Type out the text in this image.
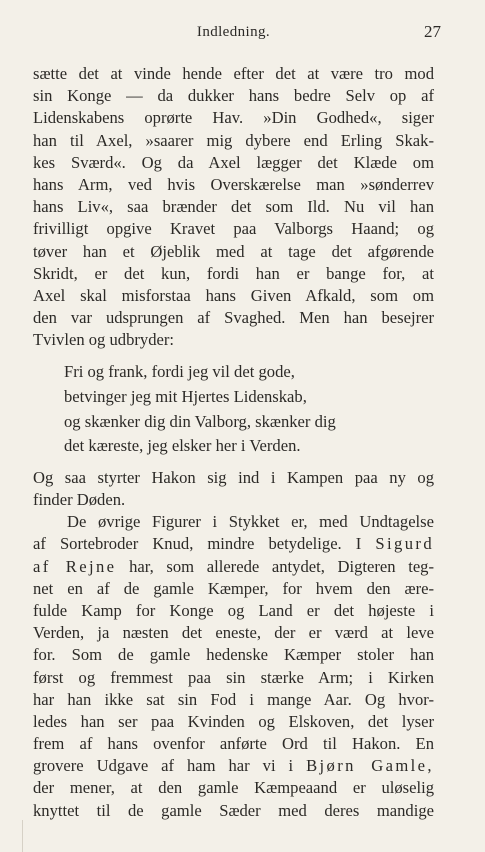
Indledning.	27
sætte det at vinde hende efter det at være tro mod
sin Konge — da dukker hans bedre Selv op af
Lidenskabens oprørte Hav. »Din Godhed«, siger
han til Axel, »saarer mig dybere end Erling Skak-
kes Sværd«. Og da Axel lægger det Klæde om
hans Arm, ved hvis Overskærelse man »sønderrev
hans Liv«, saa brænder det som Ild. Nu vil han
frivilligt opgive Kravet paa Valborgs Haand; og
tøver han et Øjeblik med at tage det afgørende
Skridt, er det kun, fordi han er bange for, at
Axel skal misforstaa hans Given Afkald, som om
den var udsprungen af Svaghed. Men han besejrer
Tvivlen og udbryder:
Fri og frank, fordi jeg vil det gode,
betvinger jeg mit Hjertes Lidenskab,
og skænker dig din Valborg, skænker dig
det kæreste, jeg elsker her i Verden.
Og saa styrter Hakon sig ind i Kampen paa ny og
finder Døden.
De øvrige Figurer i Stykket er, med Undtagelse
af Sortebroder Knud, mindre betydelige. I Sigurd
af Rejne har, som allerede antydet, Digteren teg-
net en af de gamle Kæmper, for hvem den ære-
fulde Kamp for Konge og Land er det højeste i
Verden, ja næsten det eneste, der er værd at leve
for. Som de gamle hedenske Kæmper stoler han
først og fremmest paa sin stærke Arm; i Kirken
har han ikke sat sin Fod i mange Aar. Og hvor-
ledes han ser paa Kvinden og Elskoven, det lyser
frem af hans ovenfor anførte Ord til Hakon. En
grovere Udgave af ham har vi i Bjørn Gamle,
der mener, at den gamle Kæmpeaand er uløselig
knyttet til de gamle Sæder med deres mandige
